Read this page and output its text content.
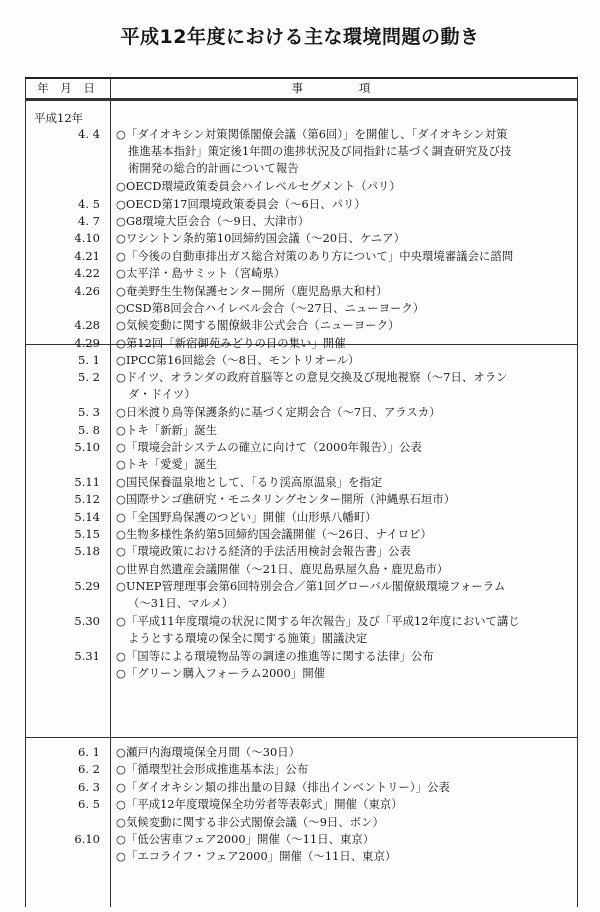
平成12年度における主な環境問題の動き
年 月 日	事 項
平成12年
4. 4 ○「ダイオキシン対策関係閣僚会議（第6回）」を開催し、「ダイオキシン対策
推進基本指針」策定後1年間の進捗状況及び同指針に基づく調査研究及び技
術開発の総合的計画について報告
○OECD環境政策委員会ハイレベルセグメント（パリ）
4. 5 ○OECD第17回環境政策委員会（〜6日、パリ）
4. 7 ○G8環境大臣会合（〜9日、大津市）
4.10 ○ワシントン条約第10回締約国会議（〜20日、ケニア）
4.21 ○「今後の自動車排出ガス総合対策のあり方について」中央環境審議会に諮問
4.22 ○太平洋・島サミット（宮崎県）
4.26 ○奄美野生生物保護センター開所（鹿児島県大和村）
○CSD第8回会合ハイレベル会合（〜27日、ニューヨーク）
4.28 ○気候変動に関する閣僚級非公式会合（ニューヨーク）
4.29 ○第12回「新宿御苑みどりの日の集い」開催
5. 1 ○IPCC第16回総会（〜8日、モントリオール）
5. 2 ○ドイツ、オランダの政府首脳等との意見交換及び現地視察（〜7日、オラン
ダ・ドイツ）
5. 3 ○日米渡り鳥等保護条約に基づく定期会合（〜7日、アラスカ）
5. 8 ○トキ「新新」誕生
5.10 ○「環境会計システムの確立に向けて（2000年報告）」公表
○トキ「愛愛」誕生
5.11 ○国民保養温泉地として、「るり渓高原温泉」を指定
5.12 ○国際サンゴ礁研究・モニタリングセンター開所（沖縄県石垣市）
5.14 ○「全国野鳥保護のつどい」開催（山形県八幡町）
5.15 ○生物多様性条約第5回締約国会議開催（〜26日、ナイロビ）
5.18 ○「環境政策における経済的手法活用検討会報告書」公表
○世界自然遺産会議開催（〜21日、鹿児島県屋久島・鹿児島市）
5.29 ○UNEP管理理事会第6回特別会合／第1回グローバル閣僚級環境フォーラム
（〜31日、マルメ）
5.30 ○「平成11年度環境の状況に関する年次報告」及び「平成12年度において講じ
ようとする環境の保全に関する施策」閣議決定
5.31 ○「国等による環境物品等の調達の推進等に関する法律」公布
○「グリーン購入フォーラム2000」開催
6. 1 ○瀬戸内海環境保全月間（〜30日）
6. 2 ○「循環型社会形成推進基本法」公布
6. 3 ○「ダイオキシン類の排出量の目録（排出インベントリー）」公表
6. 5 ○「平成12年度環境保全功労者等表彰式」開催（東京）
○気候変動に関する非公式閣僚会議（〜9日、ボン）
6.10 ○「低公害車フェア2000」開催（〜11日、東京）
○「エコライフ・フェア2000」開催（〜11日、東京）
